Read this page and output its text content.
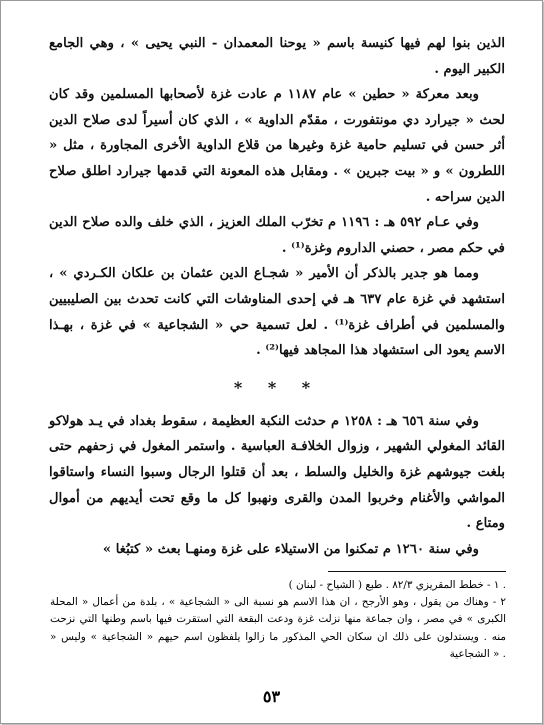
الذين بنوا لهم فيها كنيسة باسم « يوحنا المعمدان - النبي يحيى » ، وهي الجامع الكبير اليوم .

وبعد معركة « حطين » عام ١١٨٧ م عادت غزة لأصحابها المسلمين وقد كان لحث « جيرارد دي مونتفورت ، مقدّم الداوية » ، الذي كان أسيراً لدى صلاح الدين أثر حسن في تسليم حامية غزة وغيرها من قلاع الداوية الأخرى المجاورة ، مثل « اللطرون » و « بيت جبرين » . ومقابل هذه المعونة التي قدمها جيرارد اطلق صلاح الدين سراحه .

وفي عـام ٥٩٢ هـ : ١١٩٦ م تخرّب الملك العزيز ، الذي خلف والده صلاح الدين في حكم مصر ، حصني الداروم وغزة⁽¹⁾ .

ومما هو جدير بالذكر أن الأمير « شجـاع الدين عثمان بن علكان الكـردي » ، استشهد في غزة عام ٦٣٧ هـ في إحدى المناوشات التي كانت تحدث بين الصليبيين والمسلمين في أطراف غزة⁽¹⁾ . لعل تسمية حي « الشجاعية » في غزة ، بهـذا الاسم يعود الى استشهاد هذا المجاهد فيها⁽²⁾ .

* * *

وفي سنة ٦٥٦ هـ : ١٢٥٨ م حدثت النكبة العظيمة ، سقوط بغداد في يـد هولاكو القائد المغولي الشهير ، وزوال الخلافـة العباسية . واستمر المغول في زحفهم حتى بلغت جيوشهم غزة والخليل والسلط ، بعد أن قتلوا الرجال وسبوا النساء واستاقوا المواشي والأغنام وخربوا المدن والقرى ونهبوا كل ما وقع تحت أيديهم من أموال ومتاع .

وفي سنة ١٢٦٠ م تمكنوا من الاستيلاء على غزة ومنهـا بعث « كتبُغا »

١ - خطط المقريزي ٨٢/٣ . طبع ( الشياح - لبنان ) .

٢ - وهناك من يقول ، وهو الأرجح ، ان هذا الاسم هو نسبة الى « الشجاعية » ، بلدة من أعمال « المحلة الكبرى » في مصر ، وان جماعة منها نزلت غزة ودعت البقعة التي استقرت فيها باسم وطنها التي نزحت منه . ويستدلون على ذلك ان سكان الحي المذكور ما زالوا يلفظون اسم حيهم « الشجاعية » وليس « الشجاعية » .

٥٣
